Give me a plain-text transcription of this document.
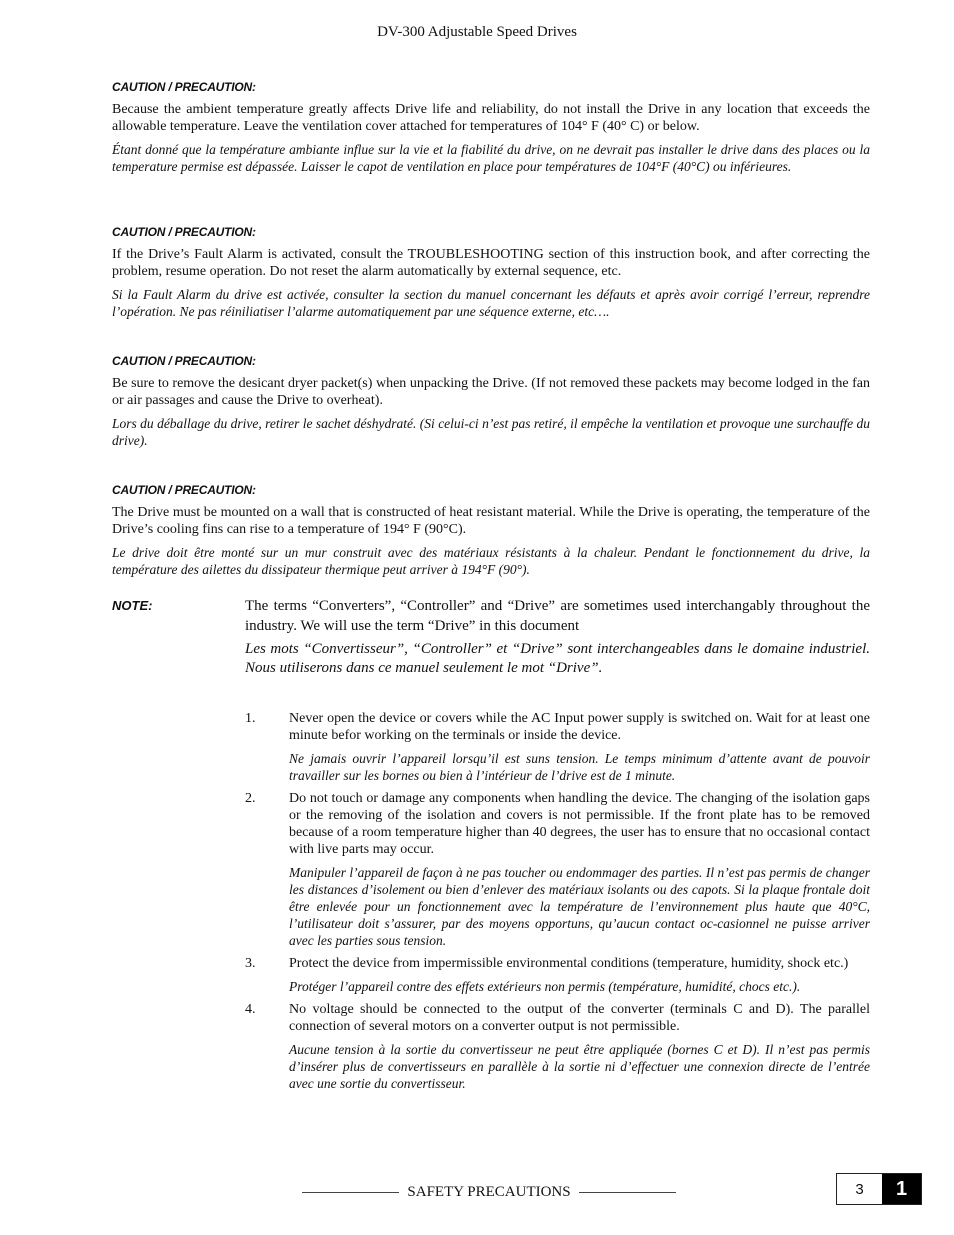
DV-300 Adjustable Speed Drives
CAUTION / PRECAUTION:

Because the ambient temperature greatly affects Drive life and reliability, do not install the Drive in any location that exceeds the allowable temperature. Leave the ventilation cover attached for temperatures of 104° F (40° C) or below.

Étant donné que la température ambiante influe sur la vie et la fiabilité du drive, on ne devrait pas installer le drive dans des places ou la temperature permise est dépassée. Laisser le capot de ventilation en place pour températures de 104°F (40°C) ou inférieures.

CAUTION / PRECAUTION:

If the Drive’s Fault Alarm is activated, consult the TROUBLESHOOTING section of this instruction book, and after correcting the problem, resume operation. Do not reset the alarm automatically by external sequence, etc.

Si la Fault Alarm du drive est activée, consulter la section du manuel concernant les défauts et après avoir corrigé l’erreur, reprendre l’opération. Ne pas réiniliatiser l’alarme automatiquement par une séquence externe, etc….

CAUTION / PRECAUTION:

Be sure to remove the desicant dryer packet(s) when unpacking the Drive. (If not removed these packets may become lodged in the fan or air passages and cause the Drive to overheat).

Lors du déballage du drive, retirer le sachet déshydraté. (Si celui-ci n’est pas retiré, il empêche la ventilation et provoque une surchauffe du drive).

CAUTION / PRECAUTION:

The Drive must be mounted on a wall that is constructed of heat resistant material. While the Drive is operating, the temperature of the Drive’s cooling fins can rise to a temperature of 194° F (90°C).

Le drive doit être monté sur un mur construit avec des matériaux résistants à la chaleur. Pendant le fonctionnement du drive, la température des ailettes du dissipateur thermique peut arriver à 194°F (90°).

NOTE:	The terms “Converters”, “Controller” and “Drive” are sometimes used interchangably throughout the industry. We will use the term “Drive” in this document

Les mots “Convertisseur”, “Controller” et “Drive” sont interchangeables dans le domaine industriel. Nous utiliserons dans ce manuel seulement le mot “Drive”.

1. Never open the device or covers while the AC Input power supply is switched on. Wait for at least one minute befor working on the terminals or inside the device.

Ne jamais ouvrir l’appareil lorsqu’il est suns tension. Le temps minimum d’attente avant de pouvoir travailler sur les bornes ou bien à l’intérieur de l’drive est de 1 minute.

2. Do not touch or damage any components when handling the device. The changing of the isolation gaps or the removing of the isolation and covers is not permissible. If the front plate has to be removed because of a room temperature higher than 40 degrees, the user has to ensure that no occasional contact with live parts may occur.

Manipuler l’appareil de façon à ne pas toucher ou endommager des parties. Il n’est pas permis de changer les distances d’isolement ou bien d’enlever des matériaux isolants ou des capots. Si la plaque frontale doit être enlevée pour un fonctionnement avec la température de l’environnement plus haute que 40°C, l’utilisateur doit s’assurer, par des moyens opportuns, qu’aucun contact oc-casionnel ne puisse arriver avec les parties sous tension.

3. Protect the device from impermissible environmental conditions (temperature, humidity, shock etc.)

Protéger l’appareil contre des effets extérieurs non permis (température, humidité, chocs etc.).

4. No voltage should be connected to the output of the converter (terminals C and D). The parallel connection of several motors on a converter output is not permissible.

Aucune tension à la sortie du convertisseur ne peut être appliquée (bornes C et D). Il n’est pas permis d’insérer plus de convertisseurs en parallèle à la sortie ni d’effectuer une connexion directe de l’entrée avec une sortie du convertisseur.

SAFETY PRECAUTIONS	3	1
